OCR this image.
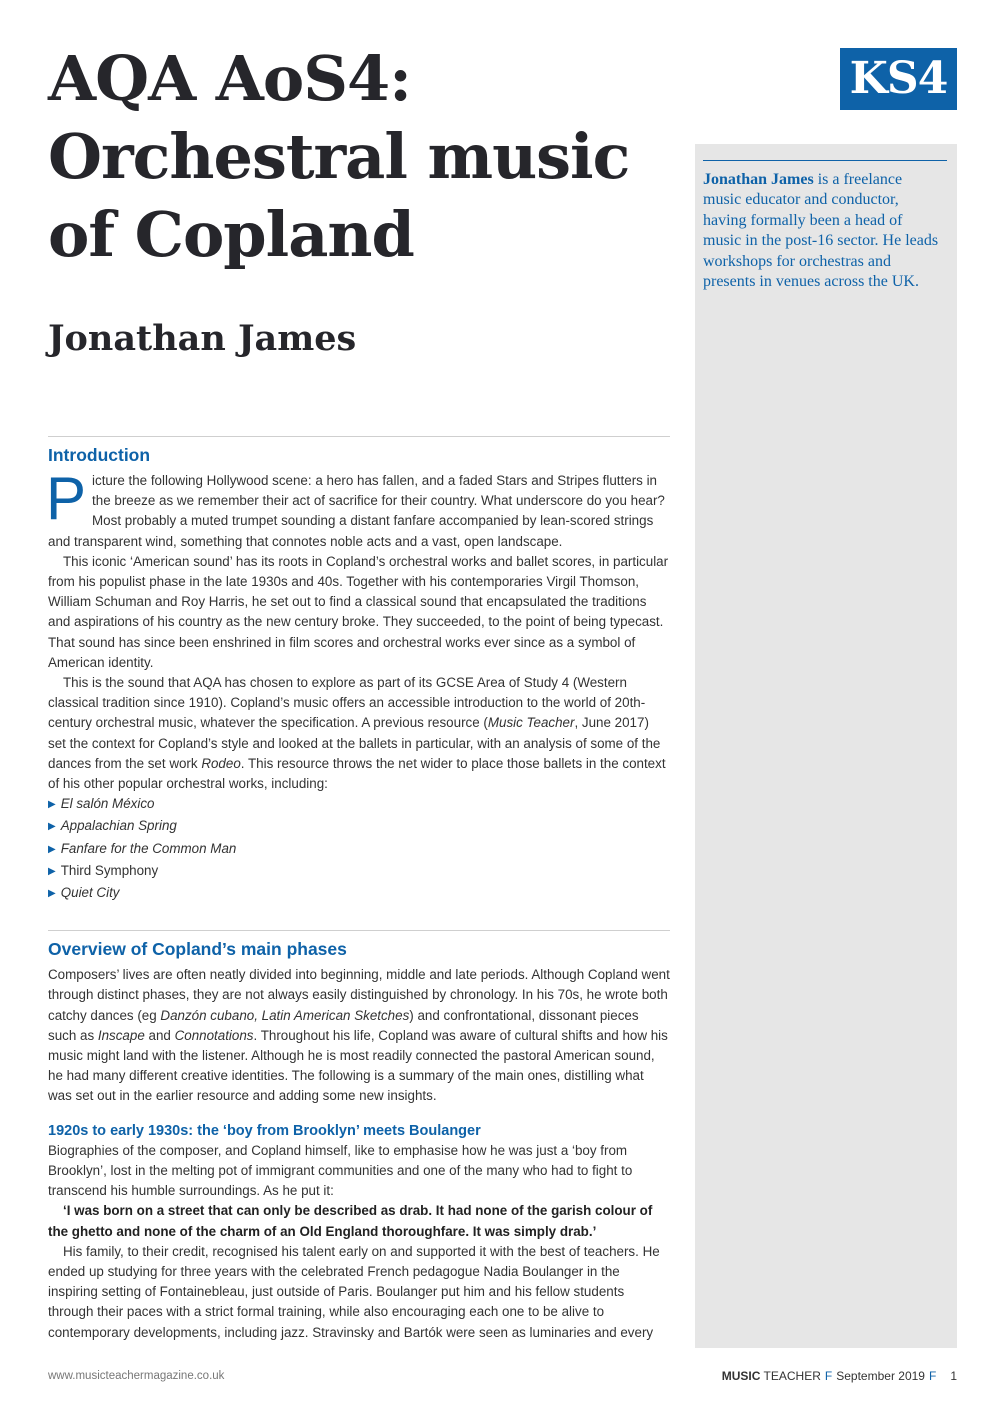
AQA AoS4:
Orchestral music
of Copland
Jonathan James
KS4
Jonathan James is a freelance music educator and conductor, having formally been a head of music in the post-16 sector. He leads workshops for orchestras and presents in venues across the UK.
Introduction

Picture the following Hollywood scene: a hero has fallen, and a faded Stars and Stripes flutters in the breeze as we remember their act of sacrifice for their country. What underscore do you hear? Most probably a muted trumpet sounding a distant fanfare accompanied by lean-scored strings and transparent wind, something that connotes noble acts and a vast, open landscape.

This iconic ‘American sound’ has its roots in Copland’s orchestral works and ballet scores, in particular from his populist phase in the late 1930s and 40s. Together with his contemporaries Virgil Thomson, William Schuman and Roy Harris, he set out to find a classical sound that encapsulated the traditions and aspirations of his country as the new century broke. They succeeded, to the point of being typecast. That sound has since been enshrined in film scores and orchestral works ever since as a symbol of American identity.

This is the sound that AQA has chosen to explore as part of its GCSE Area of Study 4 (Western classical tradition since 1910). Copland’s music offers an accessible introduction to the world of 20th-century orchestral music, whatever the specification. A previous resource (Music Teacher, June 2017) set the context for Copland’s style and looked at the ballets in particular, with an analysis of some of the dances from the set work Rodeo. This resource throws the net wider to place those ballets in the context of his other popular orchestral works, including:

▶ El salón México
▶ Appalachian Spring
▶ Fanfare for the Common Man
▶ Third Symphony
▶ Quiet City
Overview of Copland’s main phases

Composers’ lives are often neatly divided into beginning, middle and late periods. Although Copland went through distinct phases, they are not always easily distinguished by chronology. In his 70s, he wrote both catchy dances (eg Danzón cubano, Latin American Sketches) and confrontational, dissonant pieces such as Inscape and Connotations. Throughout his life, Copland was aware of cultural shifts and how his music might land with the listener. Although he is most readily connected the pastoral American sound, he had many different creative identities. The following is a summary of the main ones, distilling what was set out in the earlier resource and adding some new insights.

1920s to early 1930s: the ‘boy from Brooklyn’ meets Boulanger

Biographies of the composer, and Copland himself, like to emphasise how he was just a ‘boy from Brooklyn’, lost in the melting pot of immigrant communities and one of the many who had to fight to transcend his humble surroundings. As he put it:

‘I was born on a street that can only be described as drab. It had none of the garish colour of the ghetto and none of the charm of an Old England thoroughfare. It was simply drab.’

His family, to their credit, recognised his talent early on and supported it with the best of teachers. He ended up studying for three years with the celebrated French pedagogue Nadia Boulanger in the inspiring setting of Fontainebleau, just outside of Paris. Boulanger put him and his fellow students through their paces with a strict formal training, while also encouraging each one to be alive to contemporary developments, including jazz. Stravinsky and Bartók were seen as luminaries and every

www.musicteachermagazine.co.uk	MUSIC TEACHER F September 2019 F 1
